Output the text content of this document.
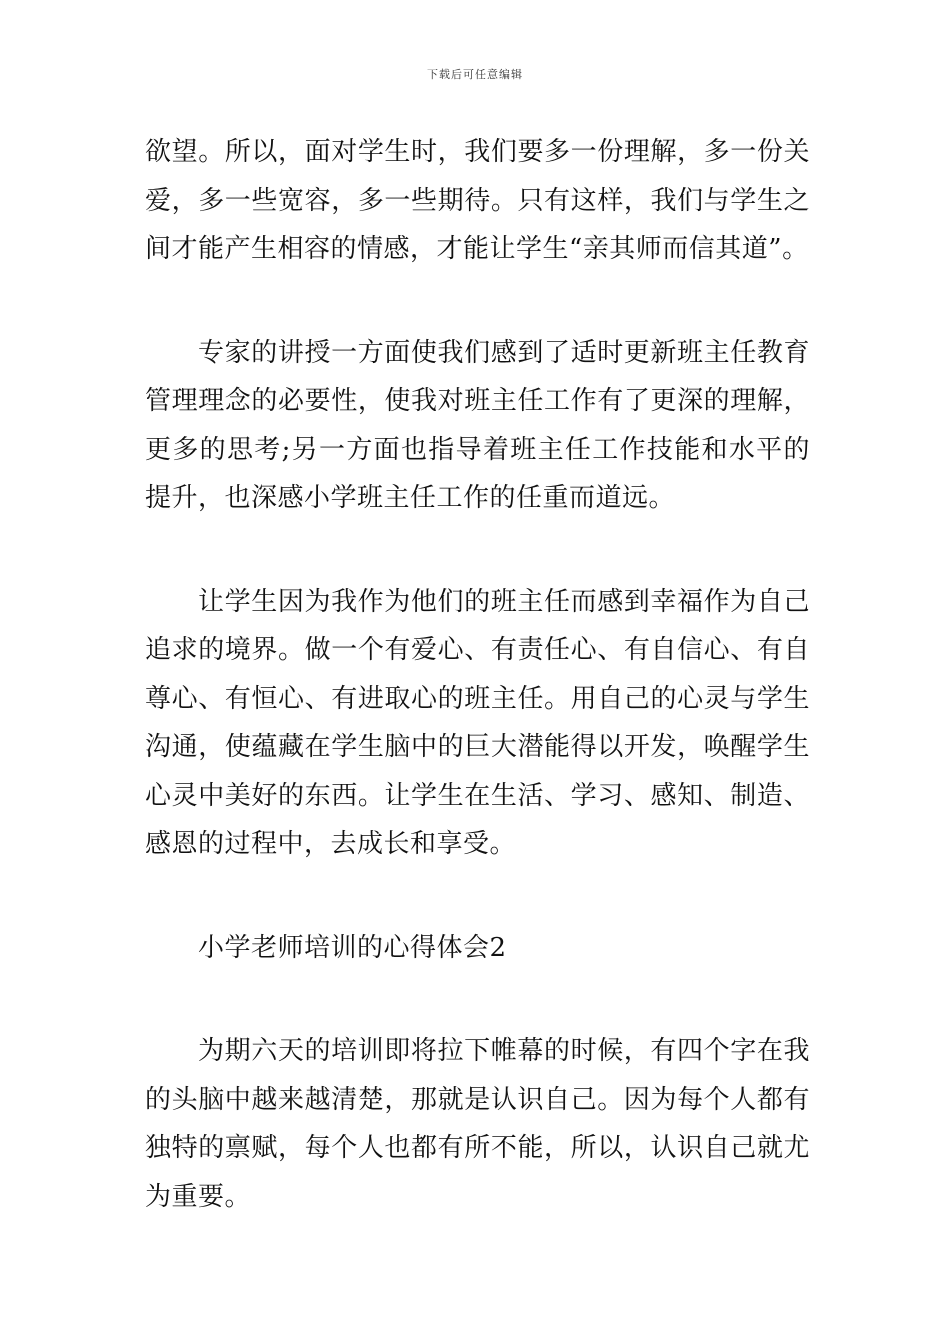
下载后可任意编辑

欲望。所以，面对学生时，我们要多一份理解，多一份关爱，多一些宽容，多一些期待。只有这样，我们与学生之间才能产生相容的情感，才能让学生“亲其师而信其道”。

专家的讲授一方面使我们感到了适时更新班主任教育管理理念的必要性，使我对班主任工作有了更深的理解，更多的思考;另一方面也指导着班主任工作技能和水平的提升，也深感小学班主任工作的任重而道远。

让学生因为我作为他们的班主任而感到幸福作为自己追求的境界。做一个有爱心、有责任心、有自信心、有自尊心、有恒心、有进取心的班主任。用自己的心灵与学生沟通，使蕴藏在学生脑中的巨大潜能得以开发，唤醒学生心灵中美好的东西。让学生在生活、学习、感知、制造、感恩的过程中，去成长和享受。

小学老师培训的心得体会2

为期六天的培训即将拉下帷幕的时候，有四个字在我的头脑中越来越清楚，那就是认识自己。因为每个人都有独特的禀赋，每个人也都有所不能，所以，认识自己就尤为重要。
